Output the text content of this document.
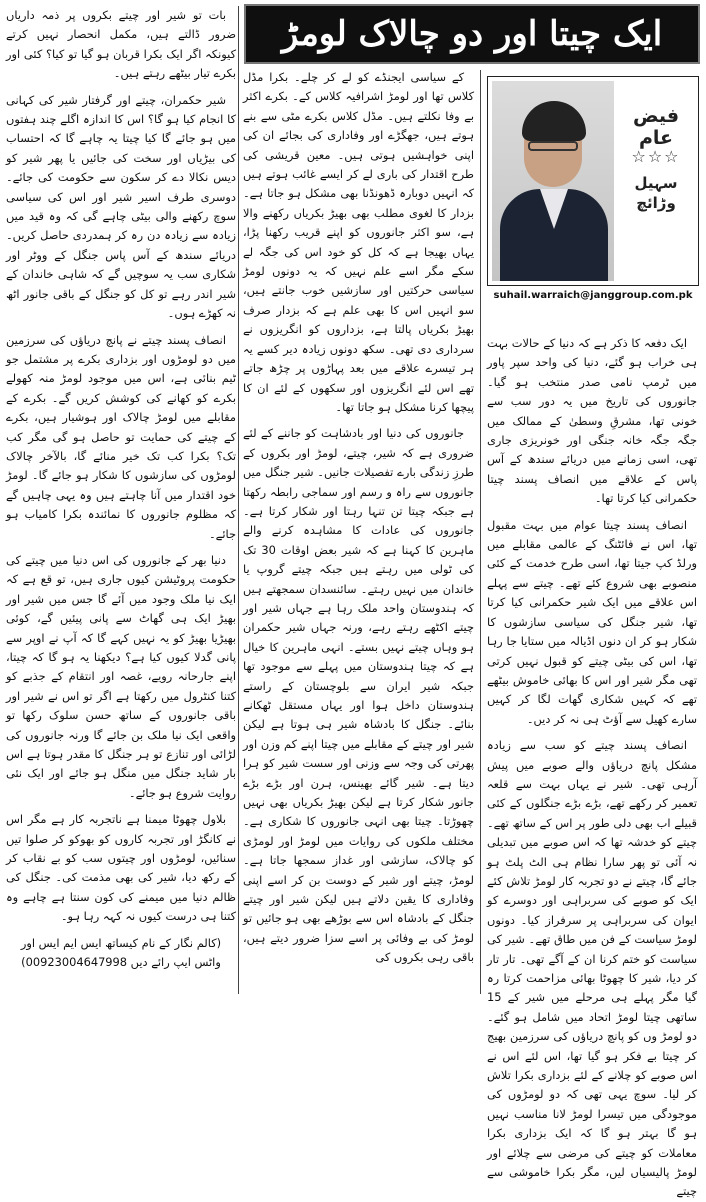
ایک چیتا اور دو چالاک لومڑ
فیض عام
☆☆☆
سہیل وڑائچ
suhail.warraich@janggroup.com.pk

ایک دفعہ کا ذکر ہے کہ دنیا کے حالات بہت ہی خراب ہو گئے، دنیا کی واحد سپر پاور میں ٹرمپ نامی صدر منتخب ہو گیا۔ جانوروں کی تاریخ میں یہ دور سب سے خونی تھا، مشرقِ وسطیٰ کے ممالک میں جگہ جگہ خانہ جنگی اور خونریزی جاری تھی، اسی زمانے میں دریائے سندھ کے آس پاس کے علاقے میں انصاف پسند چیتا حکمرانی کیا کرتا تھا۔

انصاف پسند چیتا عوام میں بہت مقبول تھا، اس نے فائٹنگ کے عالمی مقابلے میں ورلڈ کپ جیتا تھا، اسی طرح خدمت کے کئی منصوبے بھی شروع کئے تھے۔ چیتے سے پہلے اس علاقے میں ایک شیر حکمرانی کیا کرتا تھا، شیر جنگل کی سیاسی سازشوں کا شکار ہو کر ان دنوں اڈیالہ میں ستایا جا رہا تھا، اس کی بیٹی چیتے کو قبول نہیں کرتی تھی مگر شیر اور اس کا بھائی خاموش بیٹھے تھے کہ کہیں شکاری گھات لگا کر کہیں سارے کھیل سے آؤٹ ہی نہ کر دیں۔

انصاف پسند چیتے کو سب سے زیادہ مشکل پانچ دریاؤں والے صوبے میں پیش آرہی تھی۔ شیر نے یہاں بہت سے قلعہ تعمیر کر رکھے تھے، بڑے بڑے جنگلوں کے کئی قبیلے اب بھی دلی طور پر اس کے ساتھ تھے۔ چیتے کو خدشہ تھا کہ اس صوبے میں تبدیلی نہ آئی تو پھر سارا نظام ہی الٹ پلٹ ہو جائے گا، چیتے نے دو تجربہ کار لومڑ تلاش کئے ایک کو صوبے کی سربراہی اور دوسرے کو ایوان کی سربراہی پر سرفراز کیا۔ دونوں لومڑ سیاست کے فن میں طاق تھے۔ شیر کی سیاست کو ختم کرنا ان کے آگے تھی۔ تار تار کر دیا، شیر کا چھوٹا بھائی مزاحمت کرتا رہ گیا مگر پہلے ہی مرحلے میں شیر کے 15 ساتھی چیتا لومڑ اتحاد میں شامل ہو گئے۔ دو لومڑ وں کو پانچ دریاؤں کی سرزمین بھیج کر چیتا بے فکر ہو گیا تھا، اس لئے اس نے اس صوبے کو چلانے کے لئے بزداری بکرا تلاش کر لیا۔ سوچ یہی تھی کہ دو لومڑوں کی موجودگی میں تیسرا لومڑ لانا مناسب نہیں ہو گا بہتر ہو گا کہ ایک بزداری بکرا معاملات کو چیتے کی مرضی سے چلائے اور لومڑ پالیسیاں لیں، مگر بکرا خاموشی سے چیتے

کے سیاسی ایجنڈے کو لے کر چلے۔ بکرا مڈل کلاس تھا اور لومڑ اشرافیہ کلاس کے۔ بکرے اکثر بے وفا نکلتے ہیں۔ مڈل کلاس بکرے مٹی سے بنے ہوتے ہیں، جھگڑے اور وفاداری کی بجائے ان کی اپنی خواہشیں ہوتی ہیں۔ معین قریشی کی طرح اقتدار کی باری لے کر ایسے غائب ہوتے ہیں کہ انہیں دوبارہ ڈھونڈنا بھی مشکل ہو جاتا ہے۔ بزدار کا لغوی مطلب بھی بھیڑ بکریاں رکھنے والا ہے، سو اکثر جانوروں کو اپنے قریب رکھنا پڑا، یہاں بھیجا ہے کہ کل کو خود اس کی جگہ لے سکے مگر اسے علم نہیں کہ یہ دونوں لومڑ سیاسی حرکتیں اور سازشیں خوب جانتے ہیں، سو انہیں اس کا بھی علم ہے کہ بزدار صرف بھیڑ بکریاں پالتا ہے، بزداروں کو انگریزوں نے سرداری دی تھی۔ سکھ دونوں زیادہ دیر کسے یہ ہر تیسرے علاقے میں بعد پہاڑوں پر چڑھ جاتے تھے اس لئے انگریزوں اور سکھوں کے لئے ان کا پیچھا کرنا مشکل ہو جاتا تھا۔

جانوروں کی دنیا اور بادشاہت کو جاننے کے لئے ضروری ہے کہ شیر، چیتے، لومڑ اور بکروں کے طرزِ زندگی بارے تفصیلات جانیں۔ شیر جنگل میں جانوروں سے راہ و رسم اور سماجی رابطہ رکھتا ہے جبکہ چیتا تن تنہا رہتا اور شکار کرتا ہے۔ جانوروں کی عادات کا مشاہدہ کرنے والے ماہرین کا کہنا ہے کہ شیر بعض اوقات 30 تک کی ٹولی میں رہتے ہیں جبکہ چیتے گروپ یا خاندان میں نہیں رہتے۔ سائنسدان سمجھتے ہیں کہ ہندوستان واحد ملک رہا ہے جہاں شیر اور چیتے اکٹھے رہتے رہے، ورنہ جہاں شیر حکمران ہو وہاں چیتے نہیں بستے۔ انہی ماہرین کا خیال ہے کہ چیتا ہندوستان میں پہلے سے موجود تھا جبکہ شیر ایران سے بلوچستان کے راستے ہندوستان داخل ہوا اور یہاں مستقل ٹھکانے بنائے۔ جنگل کا بادشاہ شیر ہی ہوتا ہے لیکن شیر اور چیتے کے مقابلے میں چیتا اپنے کم وزن اور پھرتی کی وجہ سے وزنی اور سست شیر کو ہرا دیتا ہے۔ شیر گائے بھینس، ہرن اور بڑے بڑے جانور شکار کرتا ہے لیکن بھیڑ بکریاں بھی نہیں چھوڑتا۔ چیتا بھی انہی جانوروں کا شکاری ہے۔ مختلف ملکوں کی روایات میں لومڑ اور لومڑی کو چالاک، سازشی اور غداز سمجھا جاتا ہے۔ لومڑ، چیتے اور شیر کے دوست بن کر اسے اپنی وفاداری کا یقین دلاتے ہیں لیکن شیر اور چیتے جنگل کے بادشاہ اس سے بوڑھے بھی ہو جائیں تو لومڑ کی بے وفائی پر اسے سزا ضرور دیتے ہیں، باقی رہی بکروں کی

بات تو شیر اور چیتے بکروں پر ذمہ داریاں ضرور ڈالتے ہیں، مکمل انحصار نہیں کرتے کیونکہ اگر ایک بکرا قربان ہو گیا تو کیا؟ کئی اور بکرے تیار بیٹھے رہتے ہیں۔

شیر حکمران، چیتے اور گرفتار شیر کی کہانی کا انجام کیا ہو گا؟ اس کا اندازہ اگلے چند ہفتوں میں ہو جائے گا کیا چیتا یہ چاہے گا کہ احتساب کی بیڑیاں اور سخت کی جائیں یا پھر شیر کو دیس نکالا دے کر سکون سے حکومت کی جائے۔ دوسری طرف اسیر شیر اور اس کی سیاسی سوچ رکھنے والی بیٹی چاہے گی کہ وہ قید میں زیادہ سے زیادہ دن رہ کر ہمدردی حاصل کریں۔ دریائے سندھ کے آس پاس جنگل کے ووٹر اور شکاری سب یہ سوچیں گے کہ شاہی خاندان کے شیر اندر رہے تو کل کو جنگل کے باقی جانور اٹھ نہ کھڑے ہوں۔

انصاف پسند چیتے نے پانچ دریاؤں کی سرزمین میں دو لومڑوں اور بزداری بکرے پر مشتمل جو ٹیم بنائی ہے، اس میں موجود لومڑ منہ کھولے بکرے کو کھانے کی کوشش کریں گے۔ بکرے کے مقابلے میں لومڑ چالاک اور ہوشیار ہیں، بکرے کے چیتے کی حمایت تو حاصل ہو گی مگر کب تک؟ بکرا کب تک خیر منائے گا، بالآخر چالاک لومڑوں کی سازشوں کا شکار ہو جائے گا۔ لومڑ خود اقتدار میں آنا چاہتے ہیں وہ یہی چاہیں گے کہ مظلوم جانوروں کا نمائندہ بکرا کامیاب ہو جائے۔

دنیا بھر کے جانوروں کی اس دنیا میں چیتے کی حکومت پروٹیشن کیوں جاری ہیں، تو قع ہے کہ ایک نیا ملک وجود میں آئے گا جس میں شیر اور بھیڑ ایک ہی گھاٹ سے پانی پیئیں گے، کوئی بھیڑیا بھیڑ کو یہ نہیں کہے گا کہ آپ نے اوپر سے پانی گدلا کیوں کیا ہے؟ دیکھنا یہ ہو گا کہ چیتا، اپنے جارحانہ رویے، غصہ اور انتقام کے جذبے کو کتنا کنٹرول میں رکھتا ہے اگر تو اس نے شیر اور باقی جانوروں کے ساتھ حسن سلوک رکھا تو واقعی ایک نیا ملک بن جائے گا ورنہ جانوروں کی لڑائی اور تنازع تو ہر جنگل کا مقدر ہوتا ہے اس بار شاید جنگل میں منگل ہو جائے اور ایک نئی روایت شروع ہو جائے۔

بلاول چھوٹا میمنا ہے ناتجربہ کار ہے مگر اس نے کانگڑ اور تجربہ کاروں کو بھوکو کر صلوا تیں سنائیں، لومڑوں اور چیتوں سب کو بے نقاب کر کے رکھ دیا، شیر کی بھی مذمت کی۔ جنگل کی ظالم دنیا میں میمنے کی کون سنتا ہے چاہے وہ کتنا ہی درست کیوں نہ کہہ رہا ہو۔

(کالم نگار کے نام کیساتھ ایس ایم ایس اور واٹس ایپ رائے دیں 00923004647998)
